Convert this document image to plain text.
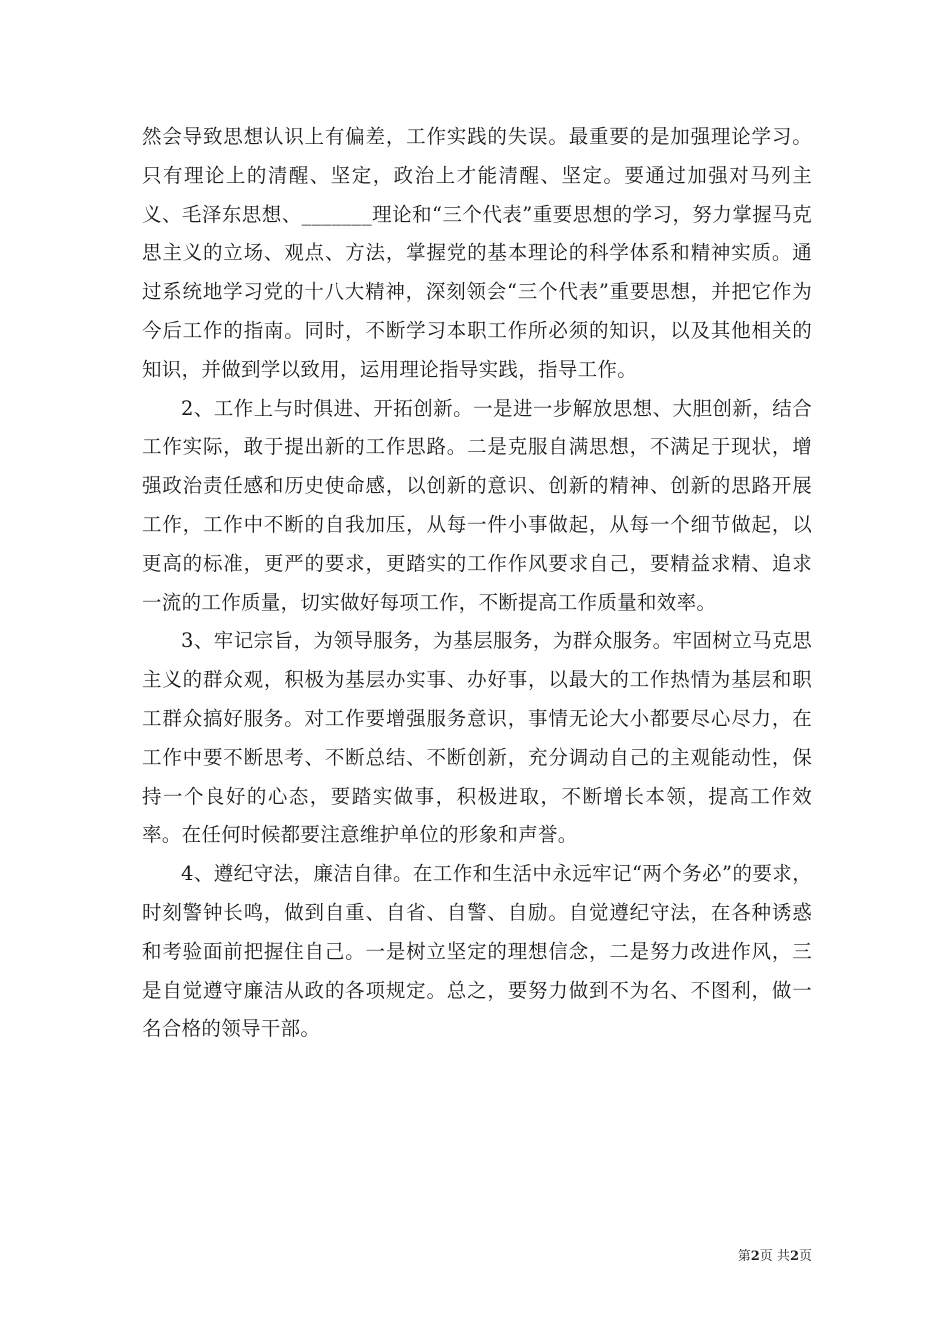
然会导致思想认识上有偏差，工作实践的失误。最重要的是加强理论学习。只有理论上的清醒、坚定，政治上才能清醒、坚定。要通过加强对马列主义、毛泽东思想、_______理论和“三个代表”重要思想的学习，努力掌握马克思主义的立场、观点、方法，掌握党的基本理论的科学体系和精神实质。通过系统地学习党的十八大精神，深刻领会“三个代表”重要思想，并把它作为今后工作的指南。同时，不断学习本职工作所必须的知识，以及其他相关的知识，并做到学以致用，运用理论指导实践，指导工作。

2、工作上与时俱进、开拓创新。一是进一步解放思想、大胆创新，结合工作实际，敢于提出新的工作思路。二是克服自满思想，不满足于现状，增强政治责任感和历史使命感，以创新的意识、创新的精神、创新的思路开展工作，工作中不断的自我加压，从每一件小事做起，从每一个细节做起，以更高的标准，更严的要求，更踏实的工作作风要求自己，要精益求精、追求一流的工作质量，切实做好每项工作，不断提高工作质量和效率。

3、牢记宗旨，为领导服务，为基层服务，为群众服务。牢固树立马克思主义的群众观，积极为基层办实事、办好事，以最大的工作热情为基层和职工群众搞好服务。对工作要增强服务意识，事情无论大小都要尽心尽力，在工作中要不断思考、不断总结、不断创新，充分调动自己的主观能动性，保持一个良好的心态，要踏实做事，积极进取，不断增长本领，提高工作效率。在任何时候都要注意维护单位的形象和声誉。

4、遵纪守法，廉洁自律。在工作和生活中永远牢记“两个务必”的要求，时刻警钟长鸣，做到自重、自省、自警、自励。自觉遵纪守法，在各种诱惑和考验面前把握住自己。一是树立坚定的理想信念，二是努力改进作风，三是自觉遵守廉洁从政的各项规定。总之，要努力做到不为名、不图利，做一名合格的领导干部。

第2页 共2页
